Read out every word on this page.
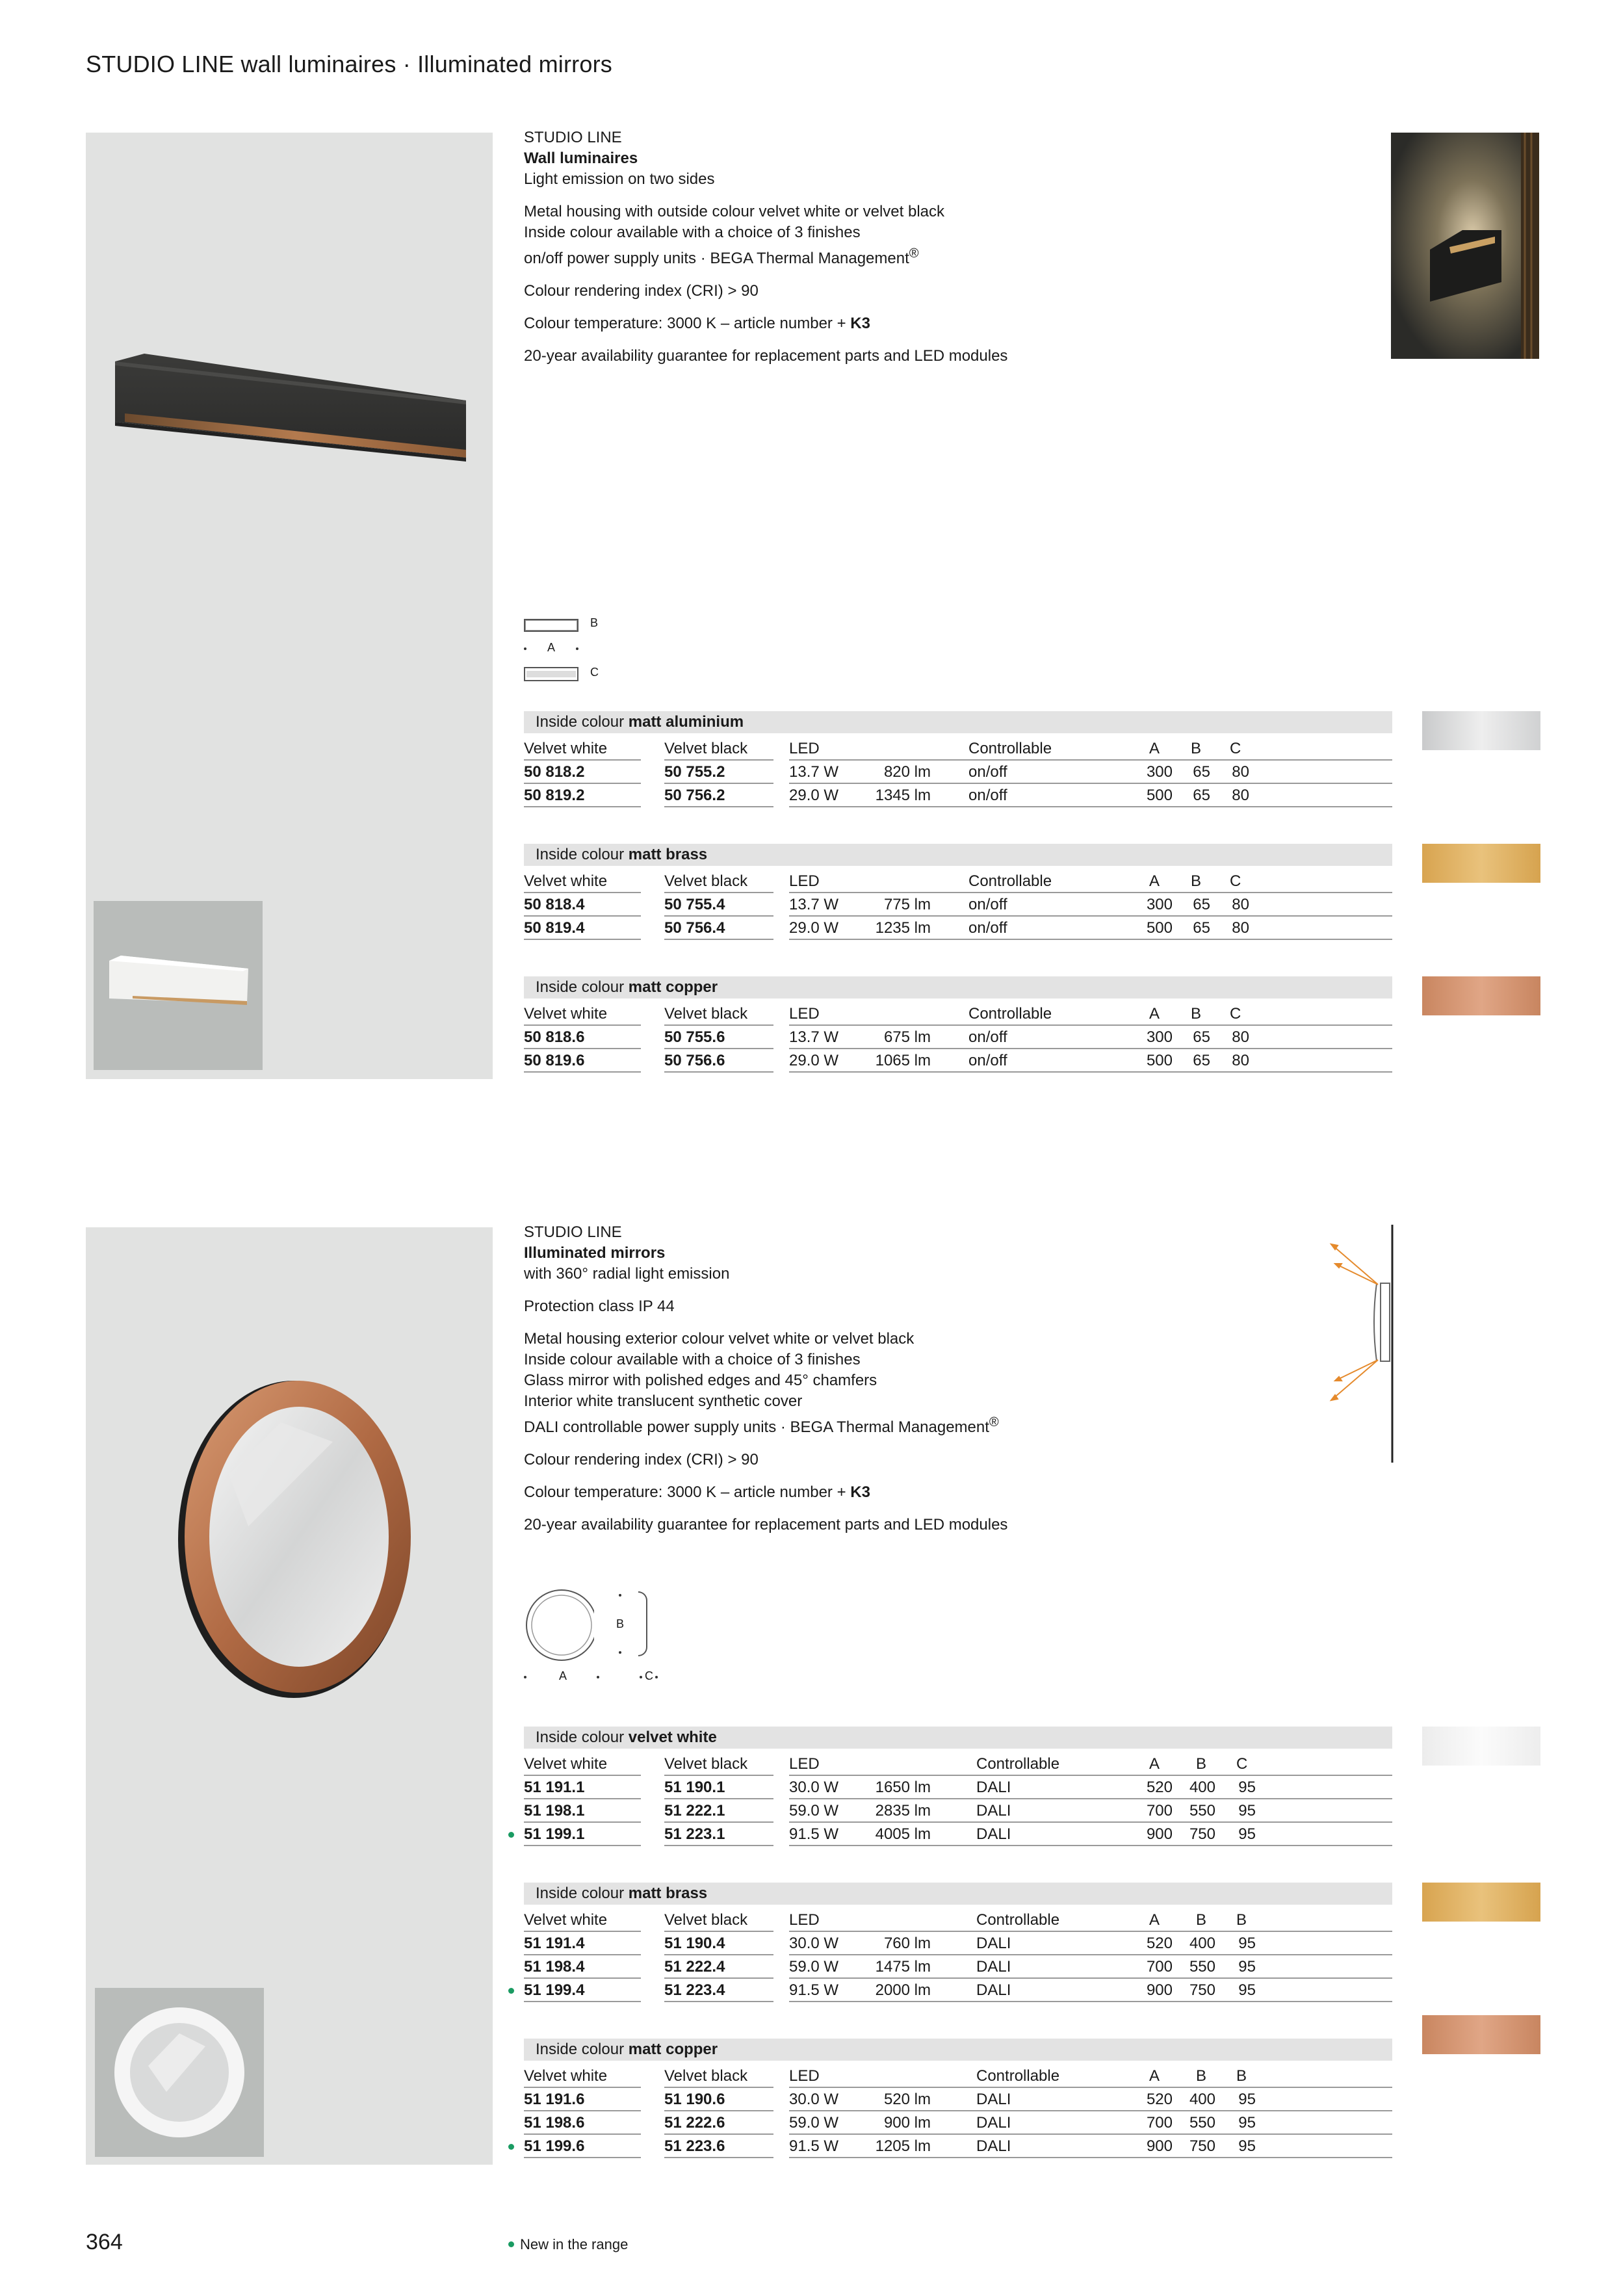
STUDIO LINE wall luminaires · Illuminated mirrors
STUDIO LINE
Wall luminaires
Light emission on two sides
Metal housing with outside colour velvet white or velvet black
Inside colour available with a choice of 3 finishes
on/off power supply units · BEGA Thermal Management®
Colour rendering index (CRI) > 90
Colour temperature: 3000 K – article number + K3
20-year availability guarantee for replacement parts and LED modules
B
A
C
Inside colour matt aluminium
Velvet white	Velvet black	LED	Controllable	A B C
50 818.2	50 755.2	13.7 W	820 lm on/off	300 65 80
50 819.2	50 756.2	29.0 W 1345 lm on/off	500 65 80
Inside colour matt brass
Velvet white	Velvet black	LED	Controllable	A B C
50 818.4	50 755.4	13.7 W	775 lm on/off	300 65 80
50 819.4	50 756.4	29.0 W 1235 lm on/off	500 65 80
Inside colour matt copper
Velvet white	Velvet black	LED	Controllable	A B C
50 818.6	50 755.6	13.7 W	675 lm on/off	300 65 80
50 819.6	50 756.6	29.0 W 1065 lm on/off	500 65 80
Inside colour velvet white
Velvet white	Velvet black	LED	Controllable	A B C
51 191.1	51 190.1	30.0 W 1650 lm	DALI	520 400 95
51 198.1	51 222.1	59.0 W 2835 lm	DALI	700 550 95
51 199.1	51 223.1	91.5 W 4005 lm	DALI	900 750 95
Inside colour matt brass
Velvet white	Velvet black	LED	Controllable	A B B
51 191.4	51 190.4	30.0 W	760 lm	DALI	520 400 95
51 198.4	51 222.4	59.0 W 1475 lm	DALI	700 550 95
51 199.4	51 223.4	91.5 W 2000 lm	DALI	900 750 95
Inside colour matt copper
Velvet white	Velvet black	LED	Controllable	A B B
51 191.6	51 190.6	30.0 W	520 lm	DALI	520 400 95
51 198.6	51 222.6	59.0 W	900 lm	DALI	700 550 95
51 199.6	51 223.6	91.5 W 1205 lm	DALI	900 750 95
STUDIO LINE
Illuminated mirrors
with 360° radial light emission
Protection class IP 44
Metal housing exterior colour velvet white or velvet black
Inside colour available with a choice of 3 finishes
Glass mirror with polished edges and 45° chamfers
Interior white translucent synthetic cover
DALI controllable power supply units · BEGA Thermal Management®
Colour rendering index (CRI) > 90
Colour temperature: 3000 K – article number + K3
20-year availability guarantee for replacement parts and LED modules
B
A	C
364	New in the range
